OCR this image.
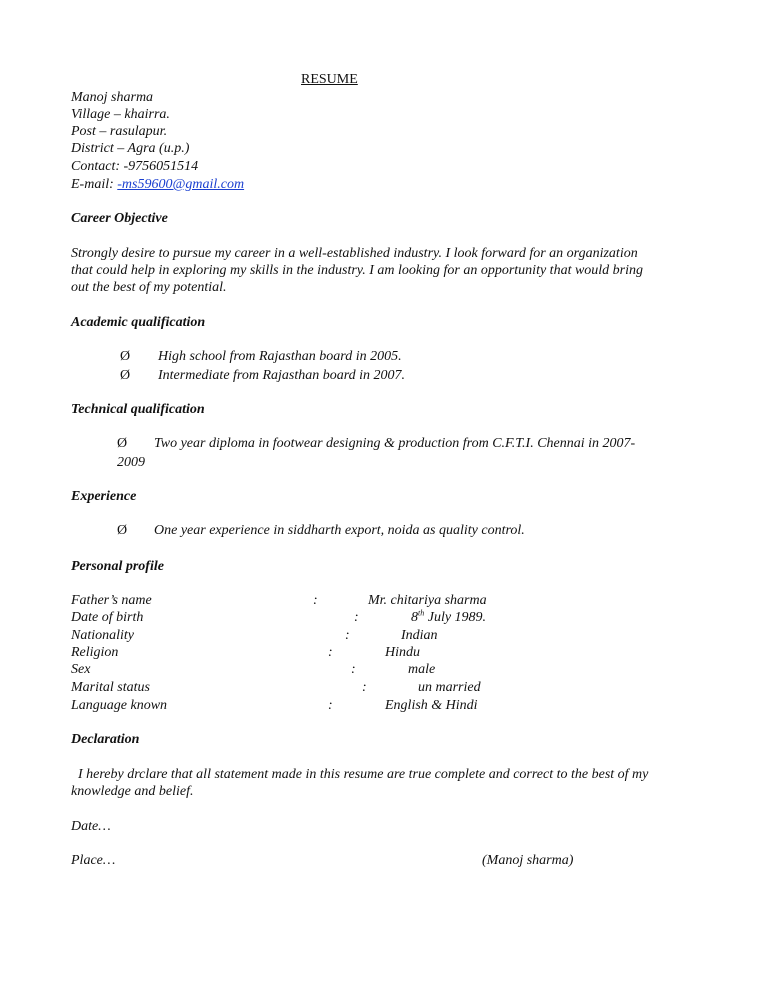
RESUME
Manoj sharma
Village – khairra.
Post – rasulapur.
District – Agra (u.p.)
Contact: -9756051514
E-mail: -ms59600@gmail.com
Career Objective
Strongly desire to pursue my career in a well-established industry. I look forward for an organization
that could help in exploring my skills in the industry. I am looking for an opportunity that would bring
out the best of my potential.
Academic qualification
Ø High school from Rajasthan board in 2005.
Ø Intermediate from Rajasthan board in 2007.
Technical qualification
Ø Two year diploma in footwear designing & production from C.F.T.I. Chennai in 2007-
2009
Experience
Ø One year experience in siddharth export, noida as quality control.
Personal profile
Father’s name	:	Mr. chitariya sharma
Date of birth	:	8th July 1989.
Nationality	:	Indian
Religion	:	Hindu
Sex	:	male
Marital status	:	un married
Language known	:	English & Hindi
Declaration
I hereby drclare that all statement made in this resume are true complete and correct to the best of my
knowledge and belief.
Date…
Place…	(Manoj sharma)
